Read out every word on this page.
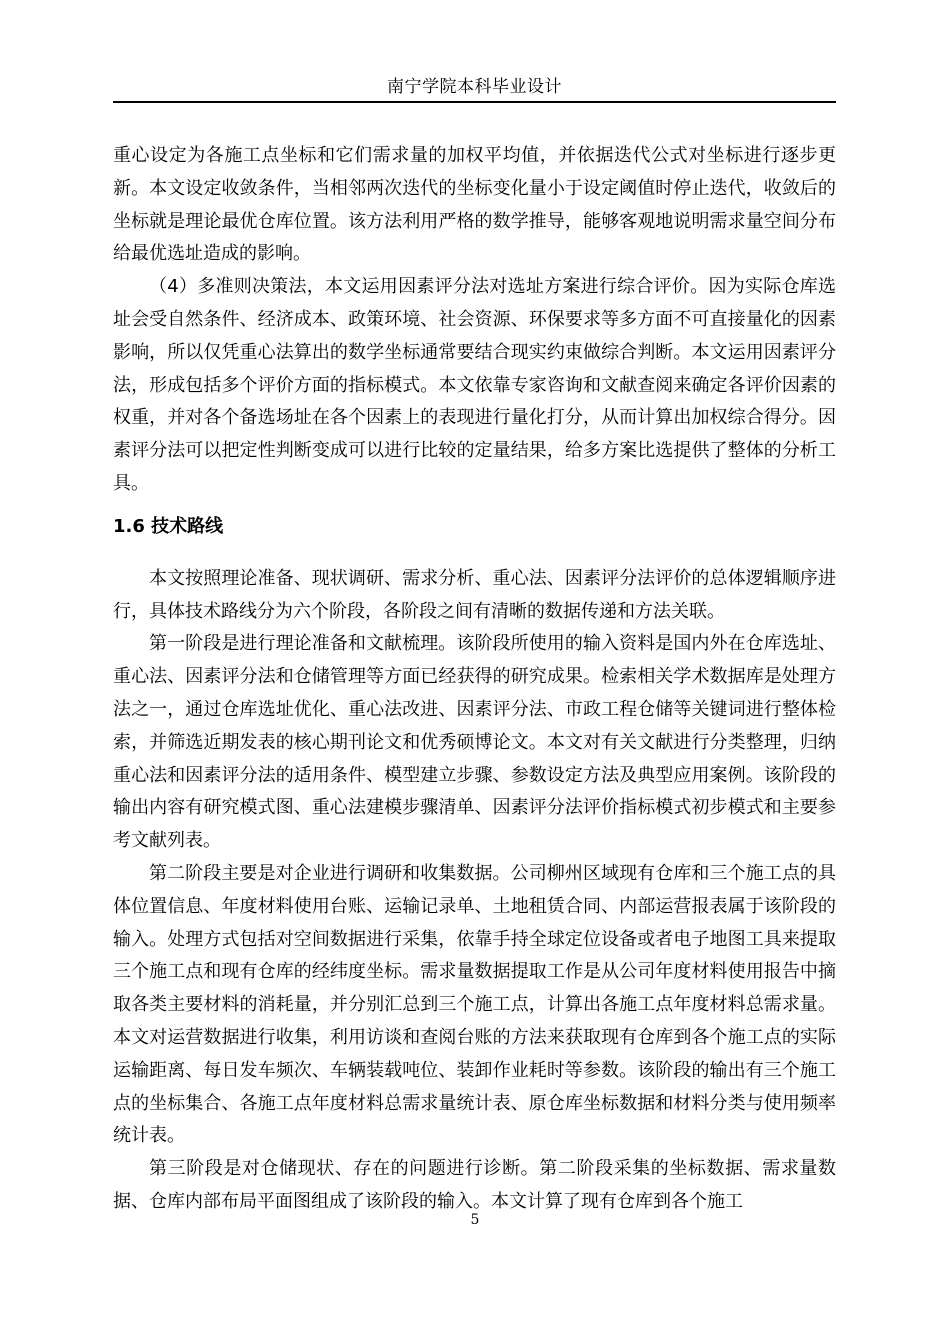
南宁学院本科毕业设计

重心设定为各施工点坐标和它们需求量的加权平均值，并依据迭代公式对坐标进行逐步更新。本文设定收敛条件，当相邻两次迭代的坐标变化量小于设定阈值时停止迭代，收敛后的坐标就是理论最优仓库位置。该方法利用严格的数学推导，能够客观地说明需求量空间分布给最优选址造成的影响。

（4）多准则决策法，本文运用因素评分法对选址方案进行综合评价。因为实际仓库选址会受自然条件、经济成本、政策环境、社会资源、环保要求等多方面不可直接量化的因素影响，所以仅凭重心法算出的数学坐标通常要结合现实约束做综合判断。本文运用因素评分法，形成包括多个评价方面的指标模式。本文依靠专家咨询和文献查阅来确定各评价因素的权重，并对各个备选场址在各个因素上的表现进行量化打分，从而计算出加权综合得分。因素评分法可以把定性判断变成可以进行比较的定量结果，给多方案比选提供了整体的分析工具。

1.6 技术路线

本文按照理论准备、现状调研、需求分析、重心法、因素评分法评价的总体逻辑顺序进行，具体技术路线分为六个阶段，各阶段之间有清晰的数据传递和方法关联。

第一阶段是进行理论准备和文献梳理。该阶段所使用的输入资料是国内外在仓库选址、重心法、因素评分法和仓储管理等方面已经获得的研究成果。检索相关学术数据库是处理方法之一，通过仓库选址优化、重心法改进、因素评分法、市政工程仓储等关键词进行整体检索，并筛选近期发表的核心期刊论文和优秀硕博论文。本文对有关文献进行分类整理，归纳重心法和因素评分法的适用条件、模型建立步骤、参数设定方法及典型应用案例。该阶段的输出内容有研究模式图、重心法建模步骤清单、因素评分法评价指标模式初步模式和主要参考文献列表。

第二阶段主要是对企业进行调研和收集数据。公司柳州区域现有仓库和三个施工点的具体位置信息、年度材料使用台账、运输记录单、土地租赁合同、内部运营报表属于该阶段的输入。处理方式包括对空间数据进行采集，依靠手持全球定位设备或者电子地图工具来提取三个施工点和现有仓库的经纬度坐标。需求量数据提取工作是从公司年度材料使用报告中摘取各类主要材料的消耗量，并分别汇总到三个施工点，计算出各施工点年度材料总需求量。本文对运营数据进行收集，利用访谈和查阅台账的方法来获取现有仓库到各个施工点的实际运输距离、每日发车频次、车辆装载吨位、装卸作业耗时等参数。该阶段的输出有三个施工点的坐标集合、各施工点年度材料总需求量统计表、原仓库坐标数据和材料分类与使用频率统计表。

第三阶段是对仓储现状、存在的问题进行诊断。第二阶段采集的坐标数据、需求量数据、仓库内部布局平面图组成了该阶段的输入。本文计算了现有仓库到各个施工

5
